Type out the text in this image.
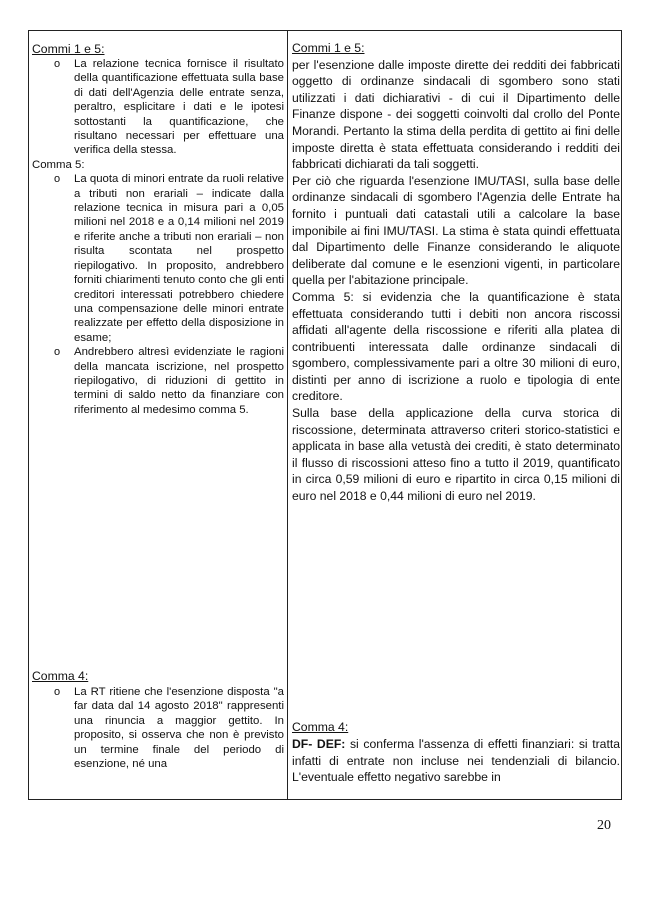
Commi 1 e 5:
o La relazione tecnica fornisce il risultato della quantificazione effettuata sulla base di dati dell'Agenzia delle entrate senza, peraltro, esplicitare i dati e le ipotesi sottostanti la quantificazione, che risultano necessari per effettuare una verifica della stessa.
Comma 5:
o La quota di minori entrate da ruoli relative a tributi non erariali – indicate dalla relazione tecnica in misura pari a 0,05 milioni nel 2018 e a 0,14 milioni nel 2019 e riferite anche a tributi non erariali – non risulta scontata nel prospetto riepilogativo. In proposito, andrebbero forniti chiarimenti tenuto conto che gli enti creditori interessati potrebbero chiedere una compensazione delle minori entrate realizzate per effetto della disposizione in esame;
o Andrebbero altresì evidenziate le ragioni della mancata iscrizione, nel prospetto riepilogativo, di riduzioni di gettito in termini di saldo netto da finanziare con riferimento al medesimo comma 5.
Comma 4:
o La RT ritiene che l'esenzione disposta "a far data dal 14 agosto 2018" rappresenti una rinuncia a maggior gettito. In proposito, si osserva che non è previsto un termine finale del periodo di esenzione, né una
Commi 1 e 5:

per l'esenzione dalle imposte dirette dei redditi dei fabbricati oggetto di ordinanze sindacali di sgombero sono stati utilizzati i dati dichiarativi - di cui il Dipartimento delle Finanze dispone - dei soggetti coinvolti dal crollo del Ponte Morandi. Pertanto la stima della perdita di gettito ai fini delle imposte diretta è stata effettuata considerando i redditi dei fabbricati dichiarati da tali soggetti.

Per ciò che riguarda l'esenzione IMU/TASI, sulla base delle ordinanze sindacali di sgombero l'Agenzia delle Entrate ha fornito i puntuali dati catastali utili a calcolare la base imponibile ai fini IMU/TASI. La stima è stata quindi effettuata dal Dipartimento delle Finanze considerando le aliquote deliberate dal comune e le esenzioni vigenti, in particolare quella per l'abitazione principale.

Comma 5: si evidenzia che la quantificazione è stata effettuata considerando tutti i debiti non ancora riscossi affidati all'agente della riscossione e riferiti alla platea di contribuenti interessata dalle ordinanze sindacali di sgombero, complessivamente pari a oltre 30 milioni di euro, distinti per anno di iscrizione a ruolo e tipologia di ente creditore.

Sulla base della applicazione della curva storica di riscossione, determinata attraverso criteri storico-statistici e applicata in base alla vetustà dei crediti, è stato determinato il flusso di riscossioni atteso fino a tutto il 2019, quantificato in circa 0,59 milioni di euro e ripartito in circa 0,15 milioni di euro nel 2018 e 0,44 milioni di euro nel 2019.

Comma 4:

DF- DEF: si conferma l'assenza di effetti finanziari: si tratta infatti di entrate non incluse nei tendenziali di bilancio. L'eventuale effetto negativo sarebbe in

20
